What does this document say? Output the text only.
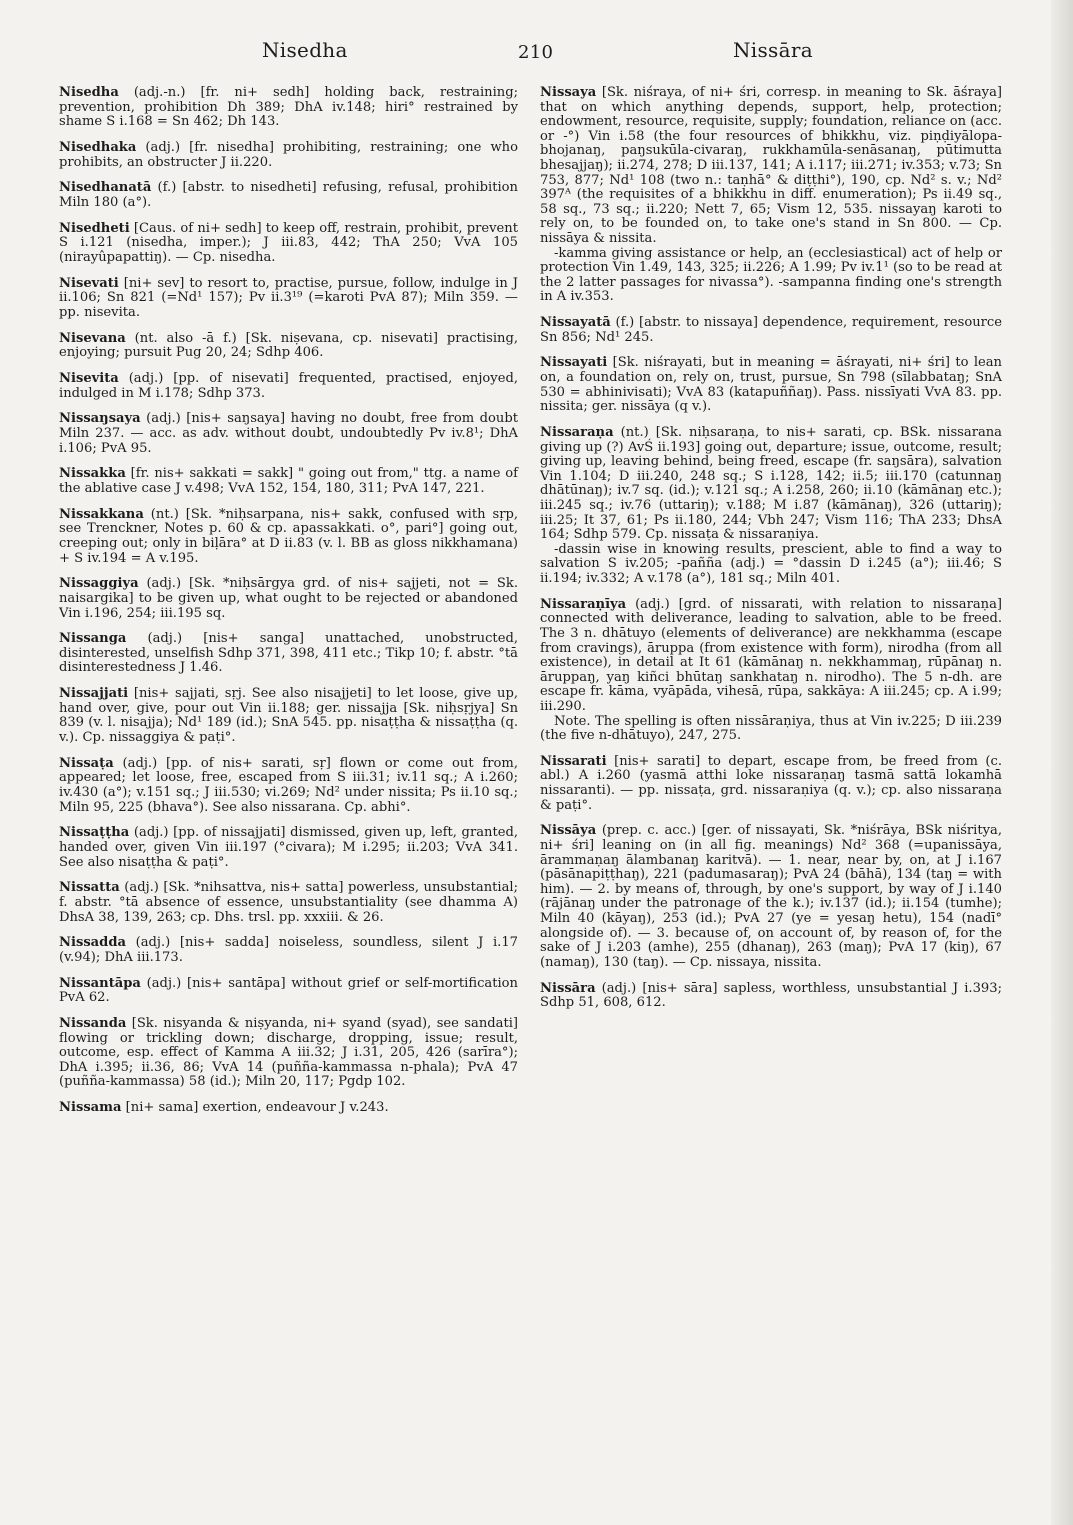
Nisedha	210	Nissāra

Nisedha (adj.-n.) [fr. ni+ sedh] holding back, restraining; prevention, prohibition Dh 389; DhA iv.148; hiri° restrained by shame S i.168 = Sn 462; Dh 143.

Nisedhaka (adj.) [fr. nisedha] prohibiting, restraining; one who prohibits, an obstructer J ii.220.

Nisedhanatā (f.) [abstr. to nisedheti] refusing, refusal, prohibition Miln 180 (a°).

Nisedheti [Caus. of ni+ sedh] to keep off, restrain, prohibit, prevent S i.121 (nisedha, imper.); J iii.83, 442; ThA 250; VvA 105 (nirayûpapattiŋ). — Cp. nisedha.

Nisevati [ni+ sev] to resort to, practise, pursue, follow, indulge in J ii.106; Sn 821 (=Nd¹ 157); Pv ii.3¹⁹ (=karoti PvA 87); Miln 359. — pp. nisevita.

Nisevana (nt. also -ā f.) [Sk. niṣevana, cp. nisevati] practising, enjoying; pursuit Pug 20, 24; Sdhp 406.

Nisevita (adj.) [pp. of nisevati] frequented, practised, enjoyed, indulged in M i.178; Sdhp 373.

Nissaŋsaya (adj.) [nis+ saŋsaya] having no doubt, free from doubt Miln 237. — acc. as adv. without doubt, undoubtedly Pv iv.8¹; DhA i.106; PvA 95.

Nissakka [fr. nis+ sakkati = sakk] " going out from," ttg. a name of the ablative case J v.498; VvA 152, 154, 180, 311; PvA 147, 221.

Nissakkana (nt.) [Sk. *niḥsarpana, nis+ sakk, confused with sṛp, see Trenckner, Notes p. 60 & cp. apassakkati. o°, pari°] going out, creeping out; only in biḷāra° at D ii.83 (v. l. BB as gloss nikkhamana) + S iv.194 = A v.195.

Nissaggiya (adj.) [Sk. *niḥsārgya grd. of nis+ sajjeti, not = Sk. naisargika] to be given up, what ought to be rejected or abandoned Vin i.196, 254; iii.195 sq.

Nissanga (adj.) [nis+ sanga] unattached, unobstructed, disinterested, unselfish Sdhp 371, 398, 411 etc.; Tikp 10; f. abstr. °tā disinterestedness J 1.46.

Nissajjati [nis+ sajjati, sṛj. See also nisajjeti] to let loose, give up, hand over, give, pour out Vin ii.188; ger. nissajja [Sk. niḥsṛjya] Sn 839 (v. l. nisajja); Nd¹ 189 (id.); SnA 545. pp. nisaṭṭha & nissaṭṭha (q. v.). Cp. nissaggiya & paṭi°.

Nissaṭa (adj.) [pp. of nis+ sarati, sṛ] flown or come out from, appeared; let loose, free, escaped from S iii.31; iv.11 sq.; A i.260; iv.430 (a°); v.151 sq.; J iii.530; vi.269; Nd² under nissita; Ps ii.10 sq.; Miln 95, 225 (bhava°). See also nissarana. Cp. abhi°.

Nissaṭṭha (adj.) [pp. of nissajjati] dismissed, given up, left, granted, handed over, given Vin iii.197 (°civara); M i.295; ii.203; VvA 341. See also nisaṭṭha & paṭi°.

Nissatta (adj.) [Sk. *nihsattva, nis+ satta] powerless, unsubstantial; f. abstr. °tā absence of essence, unsubstantiality (see dhamma A) DhsA 38, 139, 263; cp. Dhs. trsl. pp. xxxiii. & 26.

Nissadda (adj.) [nis+ sadda] noiseless, soundless, silent J i.17 (v.94); DhA iii.173.

Nissantāpa (adj.) [nis+ santāpa] without grief or self-mortification PvA 62.

Nissanda [Sk. nisyanda & niṣyanda, ni+ syand (syad), see sandati] flowing or trickling down; discharge, dropping, issue; result, outcome, esp. effect of Kamma A iii.32; J i.31, 205, 426 (sarīra°); DhA i.395; ii.36, 86; VvA 14 (puñña-kammassa n-phala); PvA 47 (puñña-kammassa) 58 (id.); Miln 20, 117; Pgdp 102.

Nissama [ni+ sama] exertion, endeavour J v.243.

Nissaya [Sk. niśraya, of ni+ śri, corresp. in meaning to Sk. āśraya] that on which anything depends, support, help, protection; endowment, resource, requisite, supply; foundation, reliance on (acc. or -°) Vin i.58 (the four resources of bhikkhu, viz. piṇḍiyālopa-bhojanaŋ, paŋsukūla-civaraŋ, rukkhamūla-senāsanaŋ, pūtimutta bhesajjaŋ); ii.274, 278; D iii.137, 141; A i.117; iii.271; iv.353; v.73; Sn 753, 877; Nd¹ 108 (two n.: taṇhā° & diṭṭhi°), 190, cp. Nd² s. v.; Nd² 397ᴬ (the requisites of a bhikkhu in diff. enumeration); Ps ii.49 sq., 58 sq., 73 sq.; ii.220; Nett 7, 65; Vism 12, 535. nissayaŋ karoti to rely on, to be founded on, to take one's stand in Sn 800. — Cp. nissāya & nissita.
-kamma giving assistance or help, an (ecclesiastical) act of help or protection Vin 1.49, 143, 325; ii.226; A 1.99; Pv iv.1¹ (so to be read at the 2 latter passages for nivassa°). -sampanna finding one's strength in A iv.353.

Nissayatā (f.) [abstr. to nissaya] dependence, requirement, resource Sn 856; Nd¹ 245.

Nissayati [Sk. niśrayati, but in meaning = āśrayati, ni+ śri] to lean on, a foundation on, rely on, trust, pursue, Sn 798 (sīlabbataŋ; SnA 530 = abhinivisati); VvA 83 (katapuññaŋ). Pass. nissīyati VvA 83. pp. nissita; ger. nissāya (q v.).

Nissaraṇa (nt.) [Sk. niḥsaraṇa, to nis+ sarati, cp. BSk. nissarana giving up (?) AvŚ ii.193] going out, departure; issue, outcome, result; giving up, leaving behind, being freed, escape (fr. saŋsāra), salvation Vin 1.104; D iii.240, 248 sq.; S i.128, 142; ii.5; iii.170 (catunnaŋ dhātūnaŋ); iv.7 sq. (id.); v.121 sq.; A i.258, 260; ii.10 (kāmānaŋ etc.); iii.245 sq.; iv.76 (uttariŋ); v.188; M i.87 (kāmānaŋ), 326 (uttariŋ); iii.25; It 37, 61; Ps ii.180, 244; Vbh 247; Vism 116; ThA 233; DhsA 164; Sdhp 579. Cp. nissaṭa & nissaraṇiya.
-dassin wise in knowing results, prescient, able to find a way to salvation S iv.205; -pañña (adj.) = °dassin D i.245 (a°); iii.46; S ii.194; iv.332; A v.178 (a°), 181 sq.; Miln 401.

Nissaraṇīya (adj.) [grd. of nissarati, with relation to nissaraṇa] connected with deliverance, leading to salvation, able to be freed. The 3 n. dhātuyo (elements of deliverance) are nekkhamma (escape from cravings), āruppa (from existence with form), nirodha (from all existence), in detail at It 61 (kāmānaŋ n. nekkhammaŋ, rūpānaŋ n. āruppaŋ, yaŋ kiñci bhūtaŋ sankhataŋ n. nirodho). The 5 n-dh. are escape fr. kāma, vyāpāda, vihesā, rūpa, sakkāya: A iii.245; cp. A i.99; iii.290.
Note. The spelling is often nissāraṇiya, thus at Vin iv.225; D iii.239 (the five n-dhātuyo), 247, 275.

Nissarati [nis+ sarati] to depart, escape from, be freed from (c. abl.) A i.260 (yasmā atthi loke nissaraṇaŋ tasmā sattā lokamhā nissaranti). — pp. nissaṭa, grd. nissaraṇiya (q. v.); cp. also nissaraṇa & paṭi°.

Nissāya (prep. c. acc.) [ger. of nissayati, Sk. *niśrāya, BSk niśritya, ni+ śri] leaning on (in all fig. meanings) Nd² 368 (=upanissāya, ārammaṇaŋ ālambanaŋ karitvā). — 1. near, near by, on, at J i.167 (pāsānapiṭṭhaŋ), 221 (padumasaraŋ); PvA 24 (bāhā), 134 (taŋ = with him). — 2. by means of, through, by one's support, by way of J i.140 (rājānaŋ under the patronage of the k.); iv.137 (id.); ii.154 (tumhe); Miln 40 (kāyaŋ), 253 (id.); PvA 27 (ye = yesaŋ hetu), 154 (nadī° alongside of). — 3. because of, on account of, by reason of, for the sake of J i.203 (amhe), 255 (dhanaŋ), 263 (maŋ); PvA 17 (kiŋ), 67 (namaŋ), 130 (taŋ). — Cp. nissaya, nissita.

Nissāra (adj.) [nis+ sāra] sapless, worthless, unsubstantial J i.393; Sdhp 51, 608, 612.
